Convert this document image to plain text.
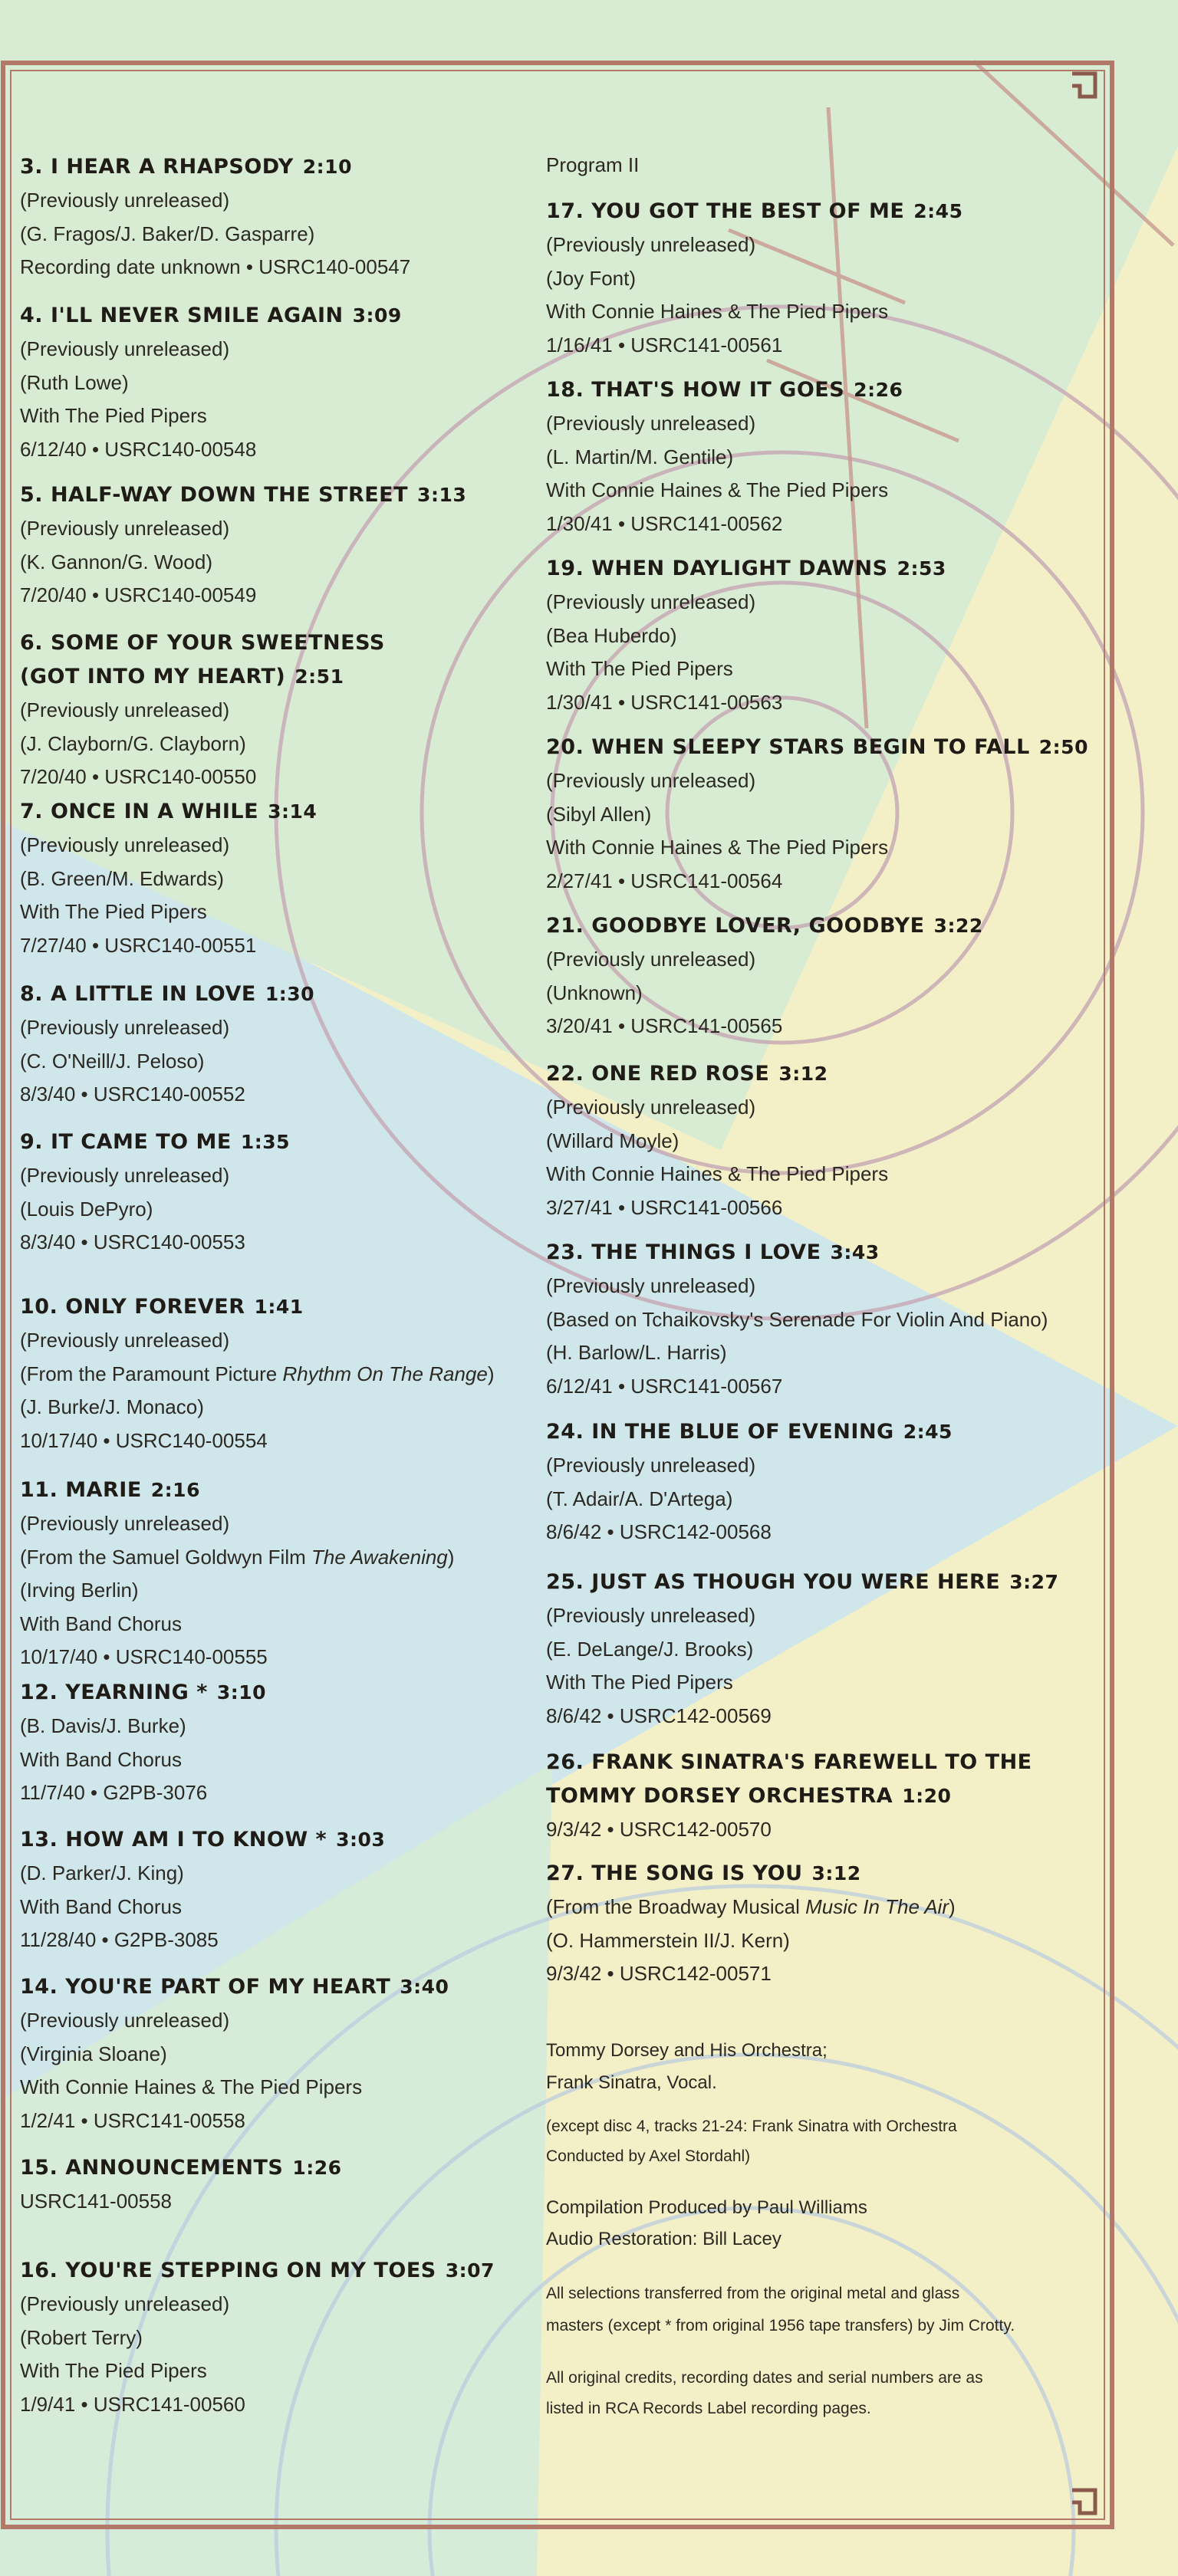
3. I HEAR A RHAPSODY 2:10
(Previously unreleased)
(G. Fragos/J. Baker/D. Gasparre)
Recording date unknown • USRC140-00547
4. I'LL NEVER SMILE AGAIN 3:09
(Previously unreleased)
(Ruth Lowe)
With The Pied Pipers
6/12/40 • USRC140-00548
5. HALF-WAY DOWN THE STREET 3:13
(Previously unreleased)
(K. Gannon/G. Wood)
7/20/40 • USRC140-00549
6. SOME OF YOUR SWEETNESS
(GOT INTO MY HEART) 2:51
(Previously unreleased)
(J. Clayborn/G. Clayborn)
7/20/40 • USRC140-00550
7. ONCE IN A WHILE 3:14
(Previously unreleased)
(B. Green/M. Edwards)
With The Pied Pipers
7/27/40 • USRC140-00551
8. A LITTLE IN LOVE 1:30
(Previously unreleased)
(C. O'Neill/J. Peloso)
8/3/40 • USRC140-00552
9. IT CAME TO ME 1:35
(Previously unreleased)
(Louis DePyro)
8/3/40 • USRC140-00553
10. ONLY FOREVER 1:41
(Previously unreleased)
(From the Paramount Picture Rhythm On The Range)
(J. Burke/J. Monaco)
10/17/40 • USRC140-00554
11. MARIE 2:16
(Previously unreleased)
(From the Samuel Goldwyn Film The Awakening)
(Irving Berlin)
With Band Chorus
10/17/40 • USRC140-00555
12. YEARNING * 3:10
(B. Davis/J. Burke)
With Band Chorus
11/7/40 • G2PB-3076
13. HOW AM I TO KNOW * 3:03
(D. Parker/J. King)
With Band Chorus
11/28/40 • G2PB-3085
14. YOU'RE PART OF MY HEART 3:40
(Previously unreleased)
(Virginia Sloane)
With Connie Haines & The Pied Pipers
1/2/41 • USRC141-00558
15. ANNOUNCEMENTS 1:26
USRC141-00558
16. YOU'RE STEPPING ON MY TOES 3:07
(Previously unreleased)
(Robert Terry)
With The Pied Pipers
1/9/41 • USRC141-00560
Program II
17. YOU GOT THE BEST OF ME 2:45
(Previously unreleased)
(Joy Font)
With Connie Haines & The Pied Pipers
1/16/41 • USRC141-00561
18. THAT'S HOW IT GOES 2:26
(Previously unreleased)
(L. Martin/M. Gentile)
With Connie Haines & The Pied Pipers
1/30/41 • USRC141-00562
19. WHEN DAYLIGHT DAWNS 2:53
(Previously unreleased)
(Bea Huberdo)
With The Pied Pipers
1/30/41 • USRC141-00563
20. WHEN SLEEPY STARS BEGIN TO FALL 2:50
(Previously unreleased)
(Sibyl Allen)
With Connie Haines & The Pied Pipers
2/27/41 • USRC141-00564
21. GOODBYE LOVER, GOODBYE 3:22
(Previously unreleased)
(Unknown)
3/20/41 • USRC141-00565
22. ONE RED ROSE 3:12
(Previously unreleased)
(Willard Moyle)
With Connie Haines & The Pied Pipers
3/27/41 • USRC141-00566
23. THE THINGS I LOVE 3:43
(Previously unreleased)
(Based on Tchaikovsky's Serenade For Violin And Piano)
(H. Barlow/L. Harris)
6/12/41 • USRC141-00567
24. IN THE BLUE OF EVENING 2:45
(Previously unreleased)
(T. Adair/A. D'Artega)
8/6/42 • USRC142-00568
25. JUST AS THOUGH YOU WERE HERE 3:27
(Previously unreleased)
(E. DeLange/J. Brooks)
With The Pied Pipers
8/6/42 • USRC142-00569
26. FRANK SINATRA'S FAREWELL TO THE
TOMMY DORSEY ORCHESTRA 1:20
9/3/42 • USRC142-00570
27. THE SONG IS YOU 3:12
(From the Broadway Musical Music In The Air)
(O. Hammerstein II/J. Kern)
9/3/42 • USRC142-00571
Tommy Dorsey and His Orchestra;
Frank Sinatra, Vocal.
(except disc 4, tracks 21-24: Frank Sinatra with Orchestra
Conducted by Axel Stordahl)
Compilation Produced by Paul Williams
Audio Restoration: Bill Lacey
All selections transferred from the original metal and glass
masters (except * from original 1956 tape transfers) by Jim Crotty.
All original credits, recording dates and serial numbers are as
listed in RCA Records Label recording pages.
